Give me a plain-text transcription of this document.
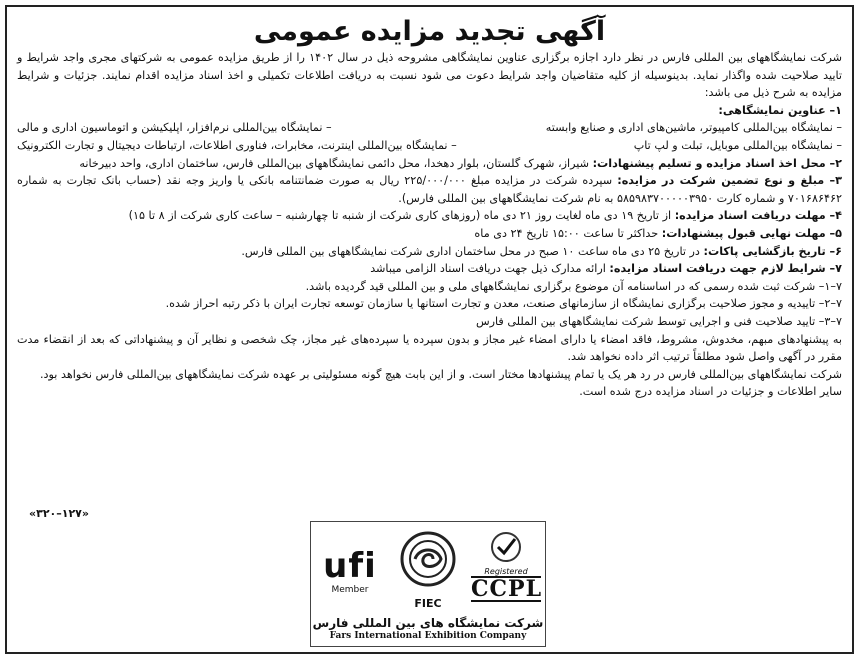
آگهی تجدید مزایده عمومی

شرکت نمایشگاههای بین المللی فارس در نظر دارد اجازه برگزاری عناوین نمایشگاهی مشروحه ذیل در سال ۱۴۰۲ را از طریق مزایده عمومی به شرکتهای مجری واجد شرایط و تایید صلاحیت شده واگذار نماید. بدینوسیله از کلیه متقاضیان واجد شرایط دعوت می شود نسبت به دریافت اطلاعات تکمیلی و اخذ اسناد مزایده اقدام نمایند. جزئیات و شرایط مزایده به شرح ذیل می باشد:

۱– عناوین نمایشگاهی:

– نمایشگاه بین‌المللی کامپیوتر، ماشین‌های اداری و صنایع وابسته
– نمایشگاه بین‌المللی نرم‌افزار، اپلیکیشن و اتوماسیون اداری و مالی
– نمایشگاه بین‌المللی موبایل، تبلت و لپ تاپ
– نمایشگاه بین‌المللی اینترنت، مخابرات، فناوری اطلاعات، ارتباطات دیجیتال و تجارت الکترونیک

۲– محل اخذ اسناد مزایده و تسلیم پیشنهادات: شیراز، شهرک گلستان، بلوار دهخدا، محل دائمی نمایشگاههای بین‌المللی فارس، ساختمان اداری، واحد دبیرخانه

۳– مبلغ و نوع تضمین شرکت در مزایده: سپرده شرکت در مزایده مبلغ ۲۲۵/۰۰۰/۰۰۰ ریال به صورت ضمانتنامه بانکی یا واریز وجه نقد (حساب بانک تجارت به شماره ۷۰۱۶۸۶۴۶۲ و شماره کارت ۵۸۵۹۸۳۷۰۰۰۰۰۳۹۵۰ به نام شرکت نمایشگاههای بین المللی فارس).

۴– مهلت دریافت اسناد مزایده: از تاریخ ۱۹ دی ماه لغایت روز ۲۱ دی ماه (روزهای کاری شرکت از شنبه تا چهارشنبه – ساعت کاری شرکت از ۸ تا ۱۵)

۵– مهلت نهایی قبول پیشنهادات: حداکثر تا ساعت ۱۵:۰۰ تاریخ ۲۴ دی ماه

۶– تاریخ بازگشایی پاکات: در تاریخ ۲۵ دی ماه ساعت ۱۰ صبح در محل ساختمان اداری شرکت نمایشگاههای بین المللی فارس.

۷– شرایط لازم جهت دریافت اسناد مزایده: ارائه مدارک ذیل جهت دریافت اسناد الزامی میباشد

۷–۱– شرکت ثبت شده رسمی که در اساسنامه آن موضوع برگزاری نمایشگاههای ملی و بین المللی قید گردیده باشد.

۷–۲– تاییدیه و مجوز صلاحیت برگزاری نمایشگاه از سازمانهای صنعت، معدن و تجارت استانها یا سازمان توسعه تجارت ایران با ذکر رتبه احراز شده.

۷–۳– تایید صلاحیت فنی و اجرایی توسط شرکت نمایشگاههای بین المللی فارس

به پیشنهادهای مبهم، مخدوش، مشروط، فاقد امضاء یا دارای امضاء غیر مجاز و بدون سپرده یا سپرده‌های غیر مجاز، چک شخصی و نظایر آن و پیشنهاداتی که بعد از انقضاء مدت مقرر در آگهی واصل شود مطلقاً ترتیب اثر داده نخواهد شد.

شرکت نمایشگاههای بین‌المللی فارس در رد هر یک یا تمام پیشنهادها مختار است. و از این بابت هیچ گونه مسئولیتی بر عهده شرکت نمایشگاههای بین‌المللی فارس نخواهد بود.

سایر اطلاعات و جزئیات در اسناد مزایده درج شده است.

«۳۲۰–۱۲۷»
ufi
Member
FIEC
Registered
CCPL
شرکت نمایشگاه های بین المللی فارس
Fars International Exhibition Company
